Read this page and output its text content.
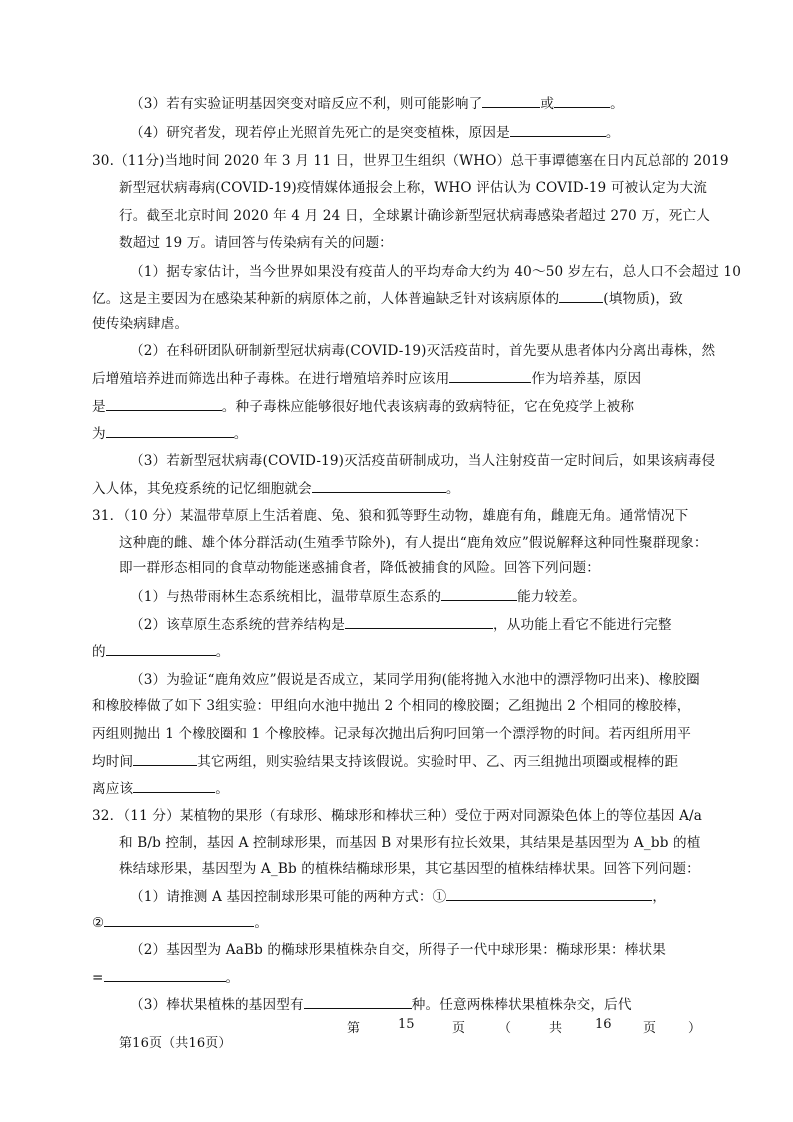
（3）若有实验证明基因突变对暗反应不利，则可能影响了	或	。
（4）研究者发，现若停止光照首先死亡的是突变植株，原因是	。
30.（11分)当地时间 2020 年 3 月 11 日，世界卫生组织（WHO）总干事谭德塞在日内瓦总部的 2019
新型冠状病毒病(COVID-19)疫情媒体通报会上称，WHO 评估认为 COVID-19 可被认定为大流
行。截至北京时间 2020 年 4 月 24 日，全球累计确诊新型冠状病毒感染者超过 270 万，死亡人
数超过 19 万。请回答与传染病有关的问题：
（1）据专家估计，当今世界如果没有疫苗人的平均寿命大约为 40～50 岁左右，总人口不会超过 10
亿。这是主要因为在感染某种新的病原体之前，人体普遍缺乏针对该病原体的	(填物质)，致
使传染病肆虐。
（2）在科研团队研制新型冠状病毒(COVID-19)灭活疫苗时，首先要从患者体内分离出毒株，然
后增殖培养进而筛选出种子毒株。在进行增殖培养时应该用	作为培养基，原因
是	。种子毒株应能够很好地代表该病毒的致病特征，它在免疫学上被称
为	。
（3）若新型冠状病毒(COVID-19)灭活疫苗研制成功，当人注射疫苗一定时间后，如果该病毒侵
入人体，其免疫系统的记忆细胞就会	。
31．（10 分）某温带草原上生活着鹿、兔、狼和狐等野生动物，雄鹿有角，雌鹿无角。通常情况下
这种鹿的雌、雄个体分群活动(生殖季节除外)，有人提出“鹿角效应”假说解释这种同性聚群现象：
即一群形态相同的食草动物能迷惑捕食者，降低被捕食的风险。回答下列问题：
（1）与热带雨林生态系统相比，温带草原生态系的	能力较差。
（2）该草原生态系统的营养结构是	，从功能上看它不能进行完整
的	。
（3）为验证“鹿角效应”假说是否成立，某同学用狗(能将抛入水池中的漂浮物叼出来)、橡胶圈
和橡胶棒做了如下 3组实验：甲组向水池中抛出 2 个相同的橡胶圈；乙组抛出 2 个相同的橡胶棒，
丙组则抛出 1 个橡胶圈和 1 个橡胶棒。记录每次抛出后狗叼回第一个漂浮物的时间。若丙组所用平
均时间	其它两组，则实验结果支持该假说。实验时甲、乙、丙三组抛出项圈或棍棒的距
离应该	。
32．（11 分）某植物的果形（有球形、椭球形和棒状三种）受位于两对同源染色体上的等位基因 A/a
和 B/b 控制，基因 A 控制球形果，而基因 B 对果形有拉长效果，其结果是基因型为 A_bb 的植
株结球形果，基因型为 A_Bb 的植株结椭球形果，其它基因型的植株结棒状果。回答下列问题：
（1）请推测 A 基因控制球形果可能的两种方式：①	，
②	。
（2）基因型为 AaBb 的椭球形果植株杂自交，所得子一代中球形果：椭球形果：棒状果
=	。
（3）棒状果植株的基因型有	种。任意两株棒状果植株杂交，后代
第	15	页	（	共	16 页 ）
第16页（共16页）
